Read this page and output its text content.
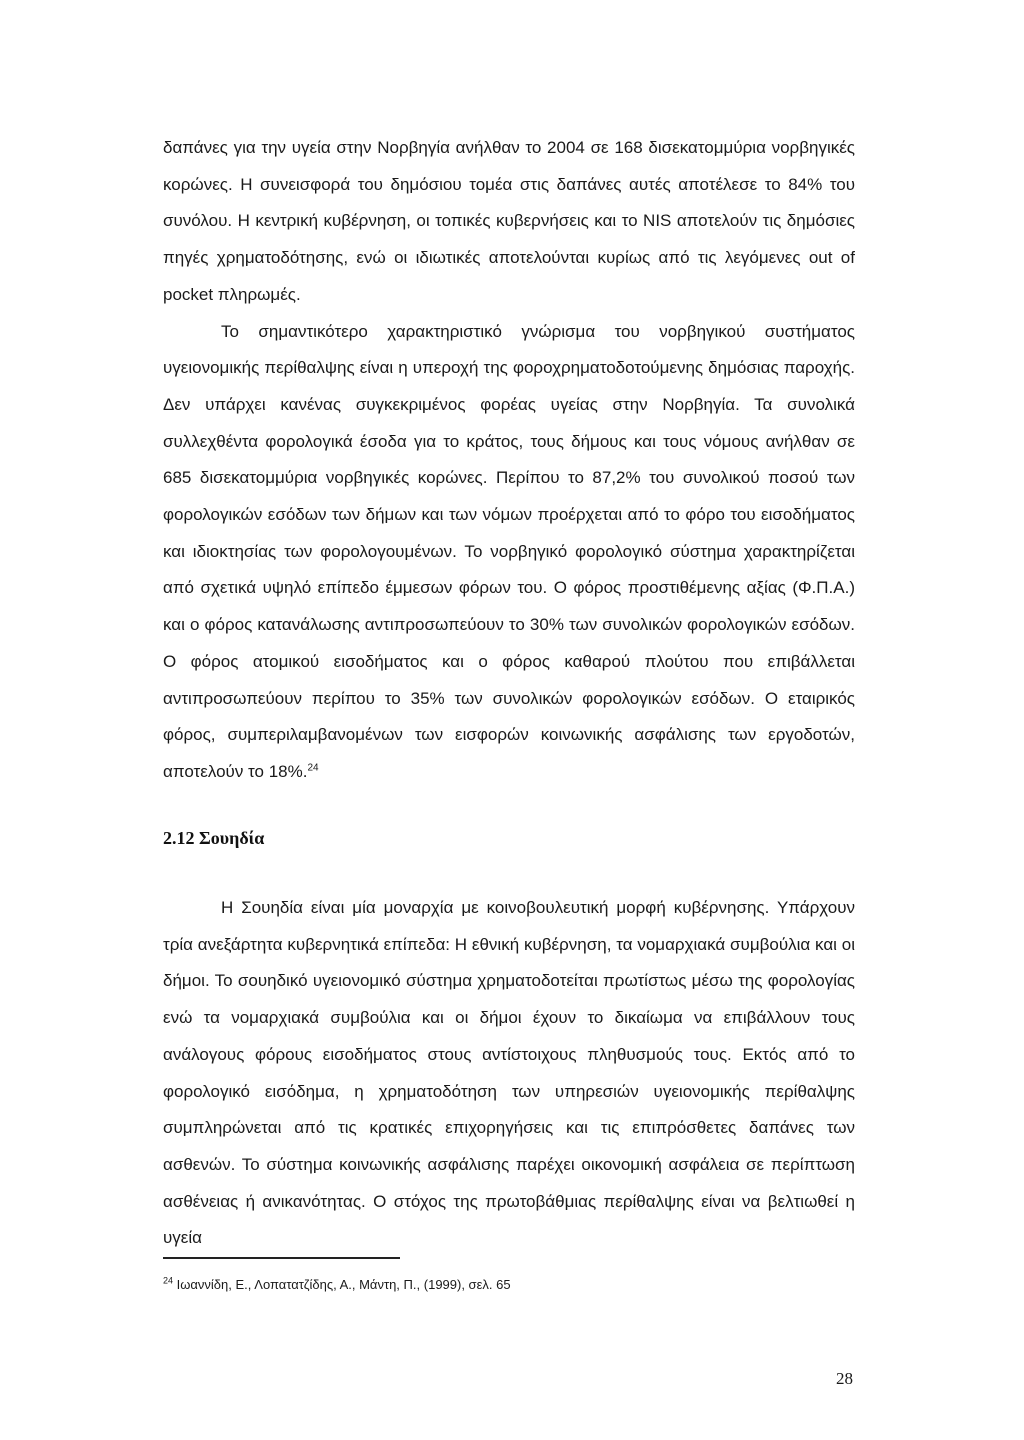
δαπάνες για την υγεία στην Νορβηγία ανήλθαν το 2004 σε 168 δισεκατομμύρια νορβηγικές κορώνες. Η συνεισφορά του δημόσιου τομέα στις δαπάνες αυτές αποτέλεσε το 84% του συνόλου. Η κεντρική κυβέρνηση, οι τοπικές κυβερνήσεις και το NIS αποτελούν τις δημόσιες πηγές χρηματοδότησης, ενώ οι ιδιωτικές αποτελούνται κυρίως από τις λεγόμενες out of pocket πληρωμές.

Το σημαντικότερο χαρακτηριστικό γνώρισμα του νορβηγικού συστήματος υγειονομικής περίθαλψης είναι η υπεροχή της φοροχρηματοδοτούμενης δημόσιας παροχής. Δεν υπάρχει κανένας συγκεκριμένος φορέας υγείας στην Νορβηγία. Τα συνολικά συλλεχθέντα φορολογικά έσοδα για το κράτος, τους δήμους και τους νόμους ανήλθαν σε 685 δισεκατομμύρια νορβηγικές κορώνες. Περίπου το 87,2% του συνολικού ποσού των φορολογικών εσόδων των δήμων και των νόμων προέρχεται από το φόρο του εισοδήματος και ιδιοκτησίας των φορολογουμένων. Το νορβηγικό φορολογικό σύστημα χαρακτηρίζεται από σχετικά υψηλό επίπεδο έμμεσων φόρων του. Ο φόρος προστιθέμενης αξίας (Φ.Π.Α.) και ο φόρος κατανάλωσης αντιπροσωπεύουν το 30% των συνολικών φορολογικών εσόδων. Ο φόρος ατομικού εισοδήματος και ο φόρος καθαρού πλούτου που επιβάλλεται αντιπροσωπεύουν περίπου το 35% των συνολικών φορολογικών εσόδων. Ο εταιρικός φόρος, συμπεριλαμβανομένων των εισφορών κοινωνικής ασφάλισης των εργοδοτών, αποτελούν το 18%.$^{24}$

2.12 Σουηδία

Η Σουηδία είναι μία μοναρχία με κοινοβουλευτική μορφή κυβέρνησης. Υπάρχουν τρία ανεξάρτητα κυβερνητικά επίπεδα: Η εθνική κυβέρνηση, τα νομαρχιακά συμβούλια και οι δήμοι. Το σουηδικό υγειονομικό σύστημα χρηματοδοτείται πρωτίστως μέσω της φορολογίας ενώ τα νομαρχιακά συμβούλια και οι δήμοι έχουν το δικαίωμα να επιβάλλουν τους ανάλογους φόρους εισοδήματος στους αντίστοιχους πληθυσμούς τους. Εκτός από το φορολογικό εισόδημα, η χρηματοδότηση των υπηρεσιών υγειονομικής περίθαλψης συμπληρώνεται από τις κρατικές επιχορηγήσεις και τις επιπρόσθετες δαπάνες των ασθενών. Το σύστημα κοινωνικής ασφάλισης παρέχει οικονομική ασφάλεια σε περίπτωση ασθένειας ή ανικανότητας. Ο στόχος της πρωτοβάθμιας περίθαλψης είναι να βελτιωθεί η υγεία

$^{24}$ Ιωαννίδη, Ε., Λοπατατζίδης, Α., Μάντη, Π., (1999), σελ. 65

28
